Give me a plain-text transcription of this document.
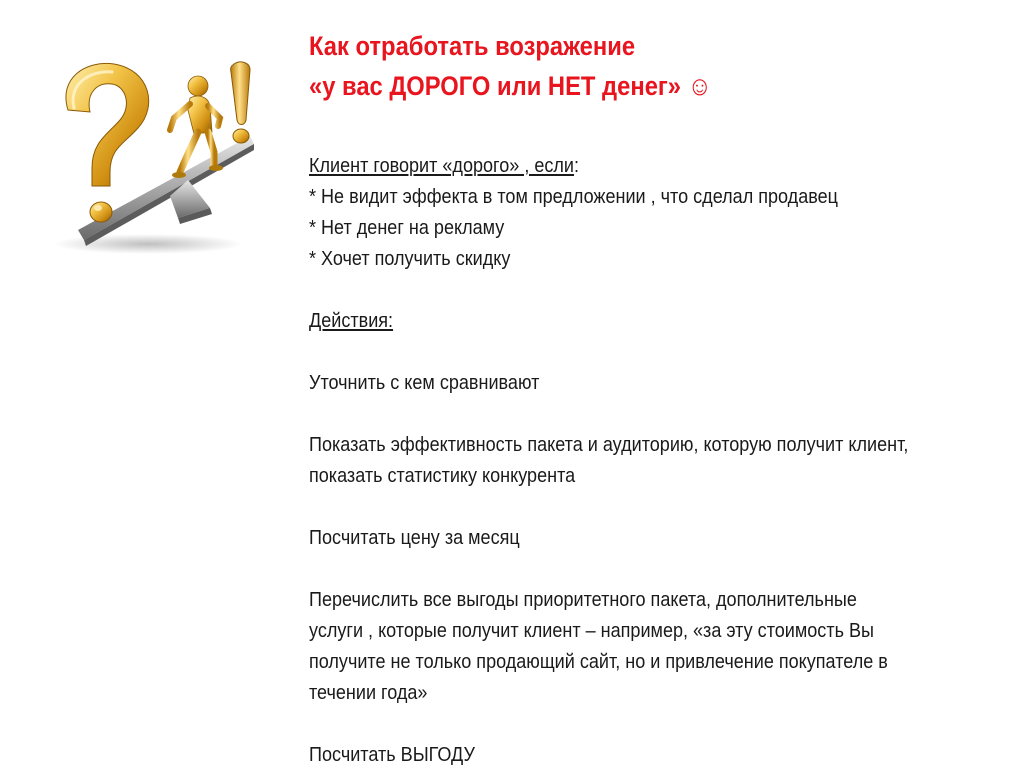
Как отработать возражение
«у вас ДОРОГО или НЕТ денег» ☺
Клиент говорит «дорого» , если:
* Не видит эффекта в том предложении , что сделал продавец
* Нет денег на рекламу
* Хочет получить скидку
Действия:
Уточнить с кем сравнивают
Показать эффективность пакета и аудиторию, которую получит клиент,
показать статистику конкурента
Посчитать цену за месяц
Перечислить все выгоды приоритетного пакета, дополнительные
услуги , которые получит клиент – например, «за эту стоимость Вы
получите не только продающий сайт, но и привлечение покупателе в
течении года»
Посчитать ВЫГОДУ
